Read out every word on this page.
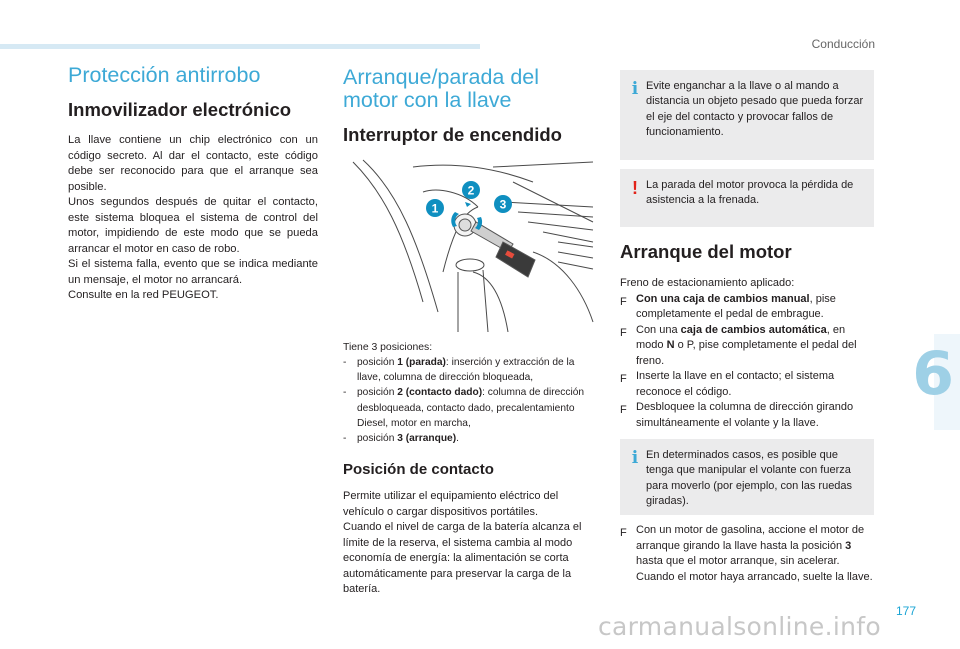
Conducción
6
177
Protección antirrobo
Inmovilizador electrónico

La llave contiene un chip electrónico con un código secreto. Al dar el contacto, este código debe ser reconocido para que el arranque sea posible.
Unos segundos después de quitar el contacto, este sistema bloquea el sistema de control del motor, impidiendo de este modo que se pueda arrancar el motor en caso de robo.
Si el sistema falla, evento que se indica mediante un mensaje, el motor no arrancará.
Consulte en la red PEUGEOT.

Arranque/parada del
motor con la llave
Interruptor de encendido
1
2
3
Tiene 3 posiciones:
- posición 1 (parada): inserción y extracción de la llave, columna de dirección bloqueada,
- posición 2 (contacto dado): columna de dirección desbloqueada, contacto dado, precalentamiento Diesel, motor en marcha,
- posición 3 (arranque).
Posición de contacto

Permite utilizar el equipamiento eléctrico del vehículo o cargar dispositivos portátiles.
Cuando el nivel de carga de la batería alcanza el límite de la reserva, el sistema cambia al modo economía de energía: la alimentación se corta automáticamente para preservar la carga de la batería.

i Evite enganchar a la llave o al mando a distancia un objeto pesado que pueda forzar el eje del contacto y provocar fallos de funcionamiento.

! La parada del motor provoca la pérdida de asistencia a la frenada.

Arranque del motor
Freno de estacionamiento aplicado:
F Con una caja de cambios manual, pise completamente el pedal de embrague.
F Con una caja de cambios automática, en modo N o P, pise completamente el pedal del freno.
F Inserte la llave en el contacto; el sistema reconoce el código.
F Desbloquee la columna de dirección girando simultáneamente el volante y la llave.
i En determinados casos, es posible que tenga que manipular el volante con fuerza para moverlo (por ejemplo, con las ruedas giradas).

F Con un motor de gasolina, accione el motor de arranque girando la llave hasta la posición 3 hasta que el motor arranque, sin acelerar. Cuando el motor haya arrancado, suelte la llave.
carmanualsonline.info
